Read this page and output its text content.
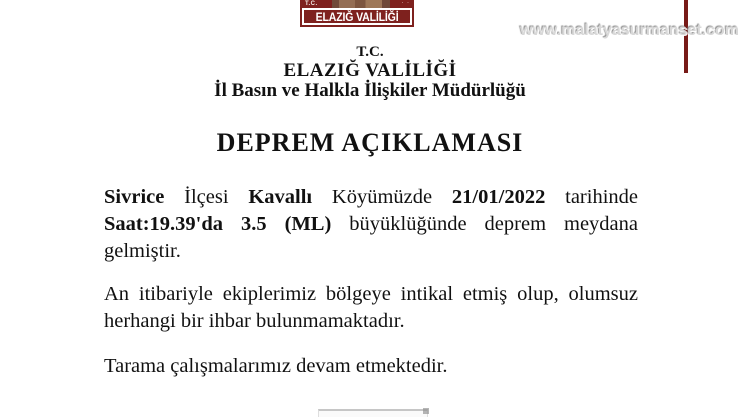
T.C.	· ·
ELAZIĞ VALİLİĞİ
www.malatyasurmanset.com
T.C.
ELAZIĞ VALİLİĞİ
İl Basın ve Halkla İlişkiler Müdürlüğü
DEPREM AÇIKLAMASI
Sivrice İlçesi Kavallı Köyümüzde 21/01/2022 tarihinde
Saat:19.39'da 3.5 (ML) büyüklüğünde deprem meydana
gelmiştir.
An itibariyle ekiplerimiz bölgeye intikal etmiş olup, olumsuz
herhangi bir ihbar bulunmamaktadır.
Tarama çalışmalarımız devam etmektedir.
